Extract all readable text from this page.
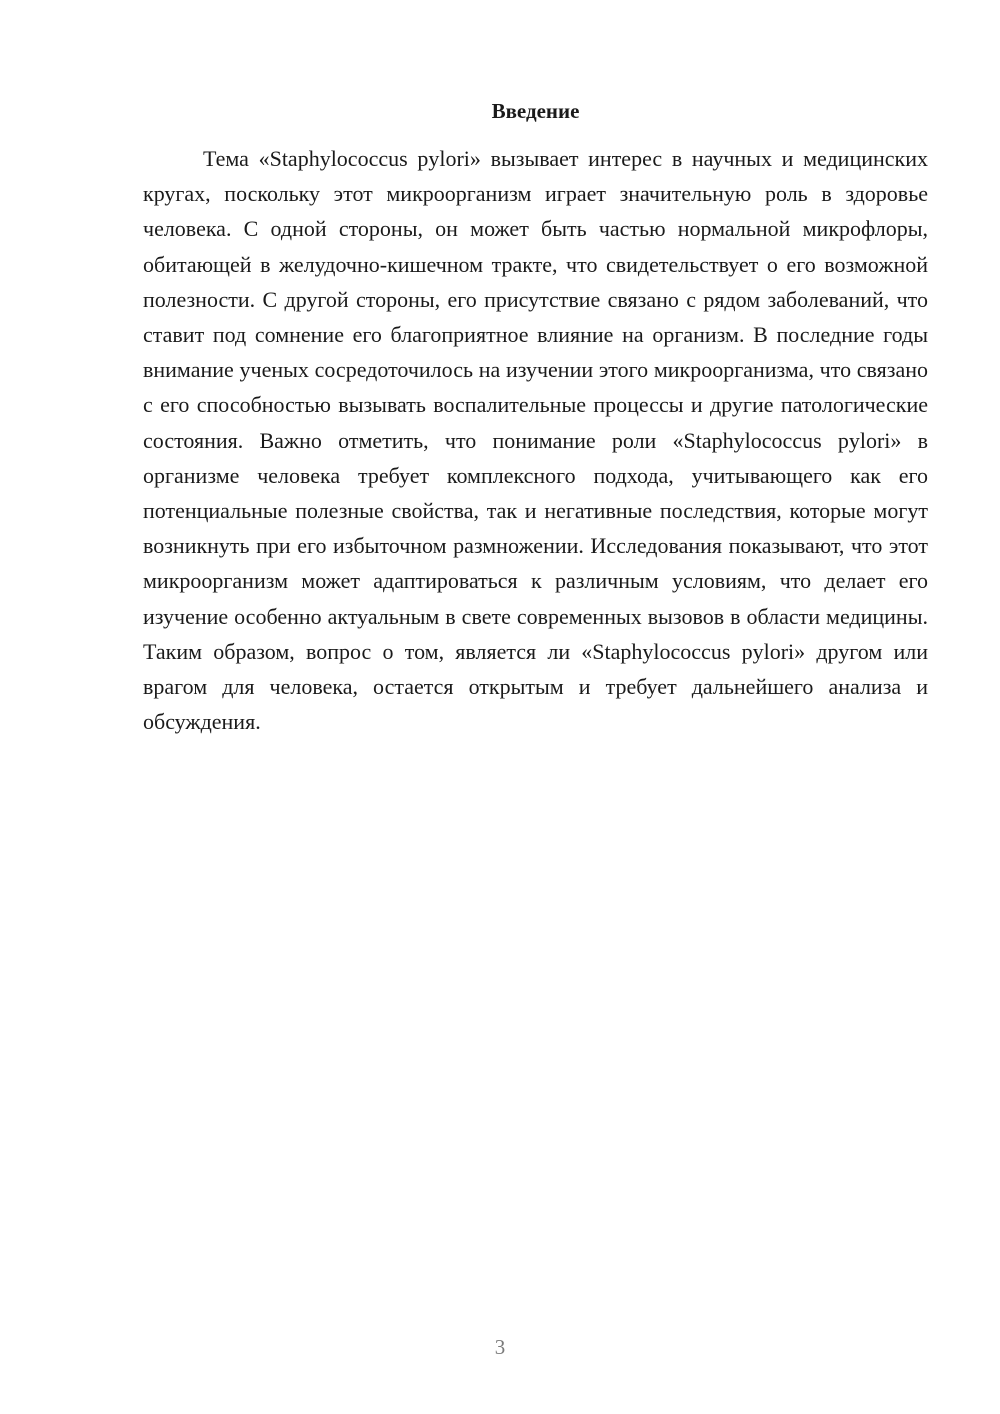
Введение

Тема «Staphylococcus pylori» вызывает интерес в научных и медицинских кругах, поскольку этот микроорганизм играет значительную роль в здоровье человека. С одной стороны, он может быть частью нормальной микрофлоры, обитающей в желудочно-кишечном тракте, что свидетельствует о его возможной полезности. С другой стороны, его присутствие связано с рядом заболеваний, что ставит под сомнение его благоприятное влияние на организм. В последние годы внимание ученых сосредоточилось на изучении этого микроорганизма, что связано с его способностью вызывать воспалительные процессы и другие патологические состояния. Важно отметить, что понимание роли «Staphylococcus pylori» в организме человека требует комплексного подхода, учитывающего как его потенциальные полезные свойства, так и негативные последствия, которые могут возникнуть при его избыточном размножении. Исследования показывают, что этот микроорганизм может адаптироваться к различным условиям, что делает его изучение особенно актуальным в свете современных вызовов в области медицины. Таким образом, вопрос о том, является ли «Staphylococcus pylori» другом или врагом для человека, остается открытым и требует дальнейшего анализа и обсуждения.

3
